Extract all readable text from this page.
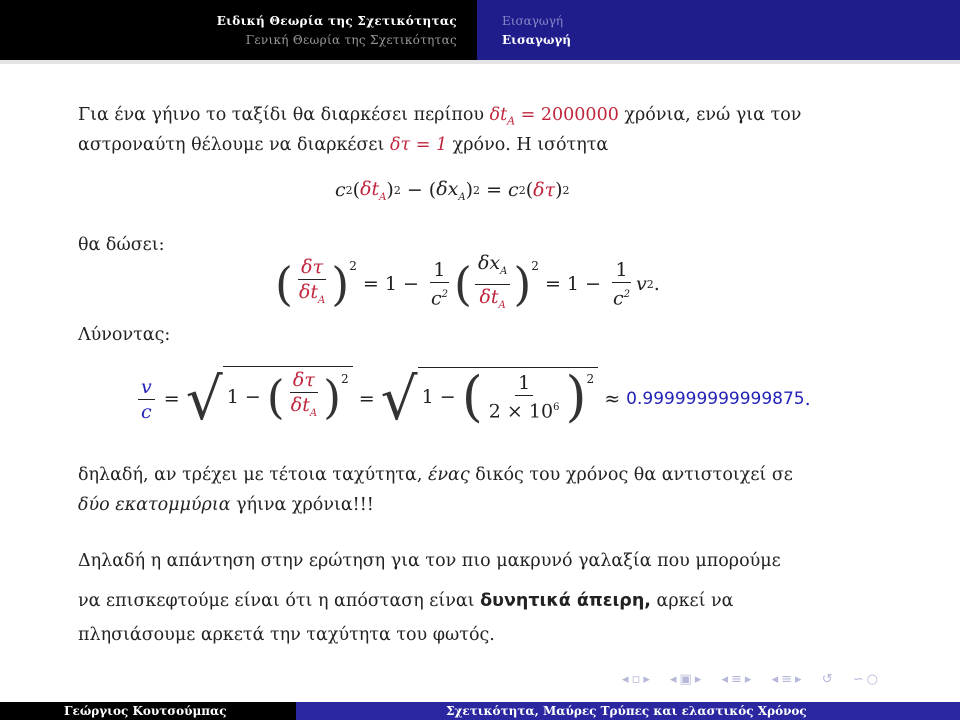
Ειδική Θεωρία της Σχετικότητας
Γενική Θεωρία της Σχετικότητας
Εισαγωγή
Εισαγωγή
Για ένα γήινο το ταξίδι θα διαρκέσει περίπου $\delta t_A = 2000000$ χρόνια, ενώ για τον
αστροναύτη θέλουμε να διαρκέσει δτ = 1 χρόνο. Η ισότητα
c 2 ( $\delta t_A$ ) 2 − ( $\delta x_A$ ) 2 = c 2 ( δτ ) 2
θα δώσει:
( $\frac{\delta\tau}{\delta t_A}$ ) 2
= $1 - \frac{1}{c^2}$ ( $\frac{\delta x_A}{\delta t_A}$ ) 2
= $1 - \frac{1}{c^2}$ v 2 .
Λύνοντας:
$\frac{v}{c}$ = √ 1 − ( $\frac{\delta\tau}{\delta t_A}$ ) 2
= √ 1 − ( $\frac{1}{2 \times 10^6}$ ) 2
≈ 0.999999999999875 .
δηλαδή, αν τρέχει με τέτοια ταχύτητα, ένας δικός του χρόνος θα αντιστοιχεί σε
δύο εκατομμύρια γήινα χρόνια!!!
Δηλαδή η απάντηση στην ερώτηση για τον πιο μακρυνό γαλαξία που μπορούμε
να επισκεφτούμε είναι ότι η απόσταση είναι δυνητικά άπειρη, αρκεί να
πλησιάσουμε αρκετά την ταχύτητα του φωτός.
◂▫▸ ◂▣▸ ◂≡▸ ◂≡▸ ↺ ∽○
Γεώργιος Κουτσούμπας	Σχετικότητα, Μαύρες Τρύπες και ελαστικός Χρόνος
